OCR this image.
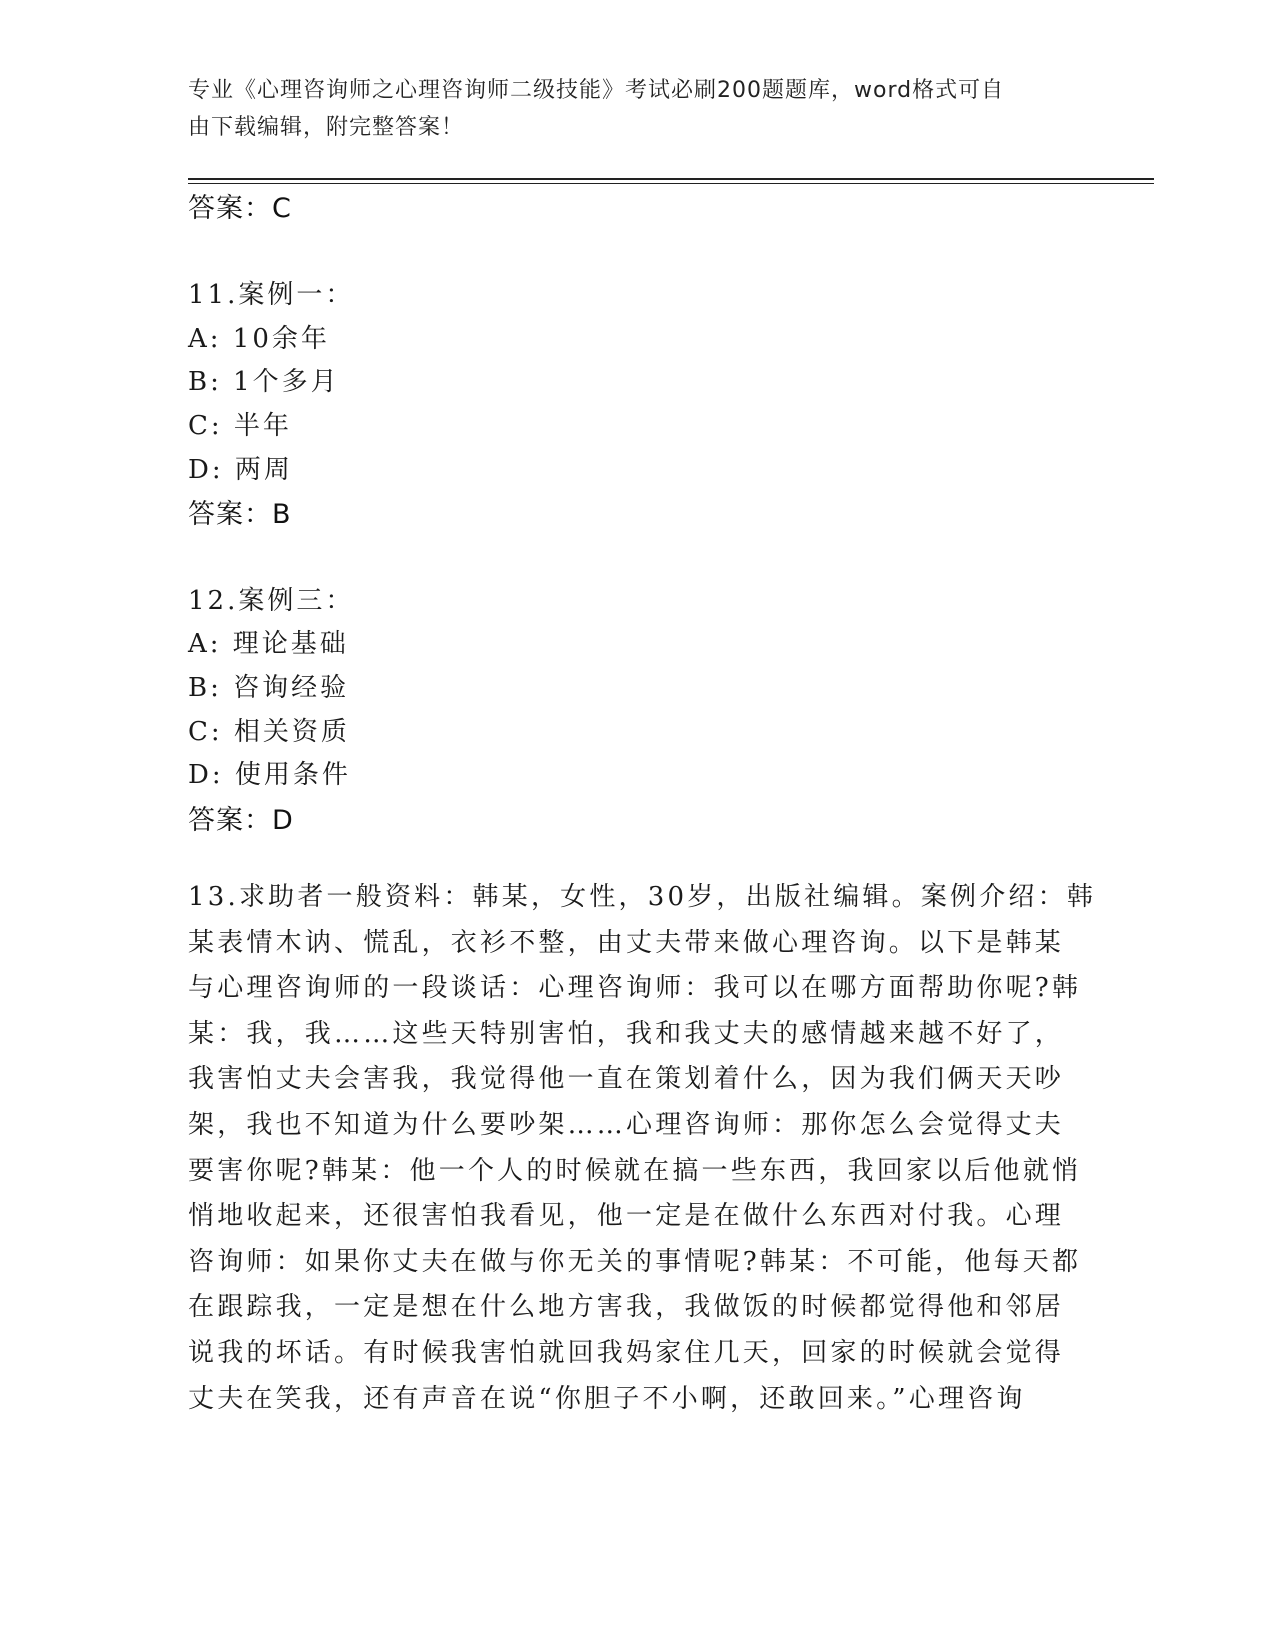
专业《心理咨询师之心理咨询师二级技能》考试必刷200题题库，word格式可自
由下载编辑，附完整答案！
答案：C
11.案例一：
A: 10余年
B: 1个多月
C: 半年
D: 两周
答案：B
12.案例三：
A: 理论基础
B: 咨询经验
C: 相关资质
D: 使用条件
答案：D
13.求助者一般资料：韩某，女性，30岁，出版社编辑。案例介绍：韩
某表情木讷、慌乱，衣衫不整，由丈夫带来做心理咨询。以下是韩某
与心理咨询师的一段谈话：心理咨询师：我可以在哪方面帮助你呢?韩
某：我，我……这些天特别害怕，我和我丈夫的感情越来越不好了，
我害怕丈夫会害我，我觉得他一直在策划着什么，因为我们俩天天吵
架，我也不知道为什么要吵架……心理咨询师：那你怎么会觉得丈夫
要害你呢?韩某：他一个人的时候就在搞一些东西，我回家以后他就悄
悄地收起来，还很害怕我看见，他一定是在做什么东西对付我。心理
咨询师：如果你丈夫在做与你无关的事情呢?韩某：不可能，他每天都
在跟踪我，一定是想在什么地方害我，我做饭的时候都觉得他和邻居
说我的坏话。有时候我害怕就回我妈家住几天，回家的时候就会觉得
丈夫在笑我，还有声音在说“你胆子不小啊，还敢回来。”心理咨询
